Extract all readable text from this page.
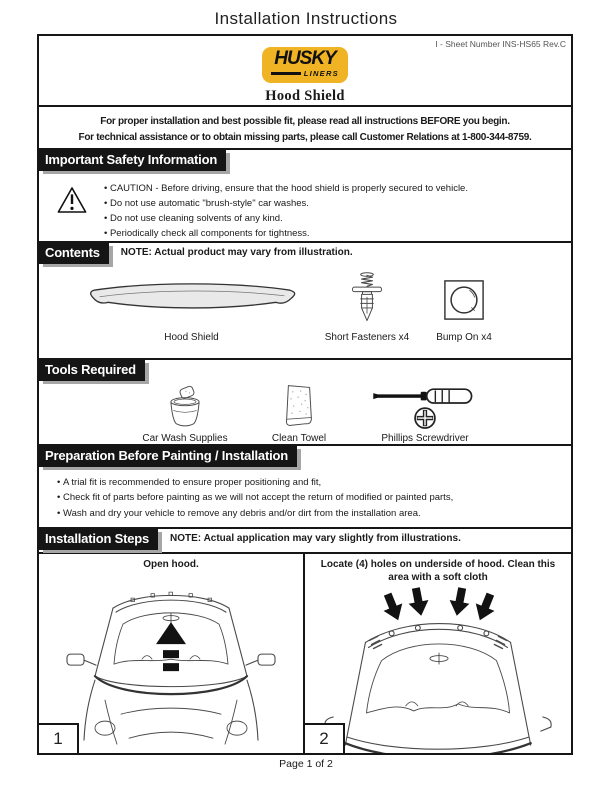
Installation Instructions
I - Sheet Number INS-HS65 Rev.C
HUSKY
LINERS
Hood Shield
For proper installation and best possible fit, please read all instructions BEFORE you begin.
For technical assistance or to obtain missing parts, please call Customer Relations at 1-800-344-8759.
Important Safety Information
• CAUTION - Before driving, ensure that the hood shield is properly secured to vehicle.
• Do not use automatic "brush-style" car washes.
• Do not use cleaning solvents of any kind.
• Periodically check all components for tightness.
Contents	NOTE: Actual product may vary from illustration.
Hood Shield	Short Fasteners x4	Bump On x4
Tools Required
Car Wash Supplies	Clean Towel	Phillips Screwdriver
Preparation Before Painting / Installation
• A trial fit is recommended to ensure proper positioning and fit,
• Check fit of parts before painting as we will not accept the return of modified or painted parts,
• Wash and dry your vehicle to remove any debris and/or dirt from the installation area.
Installation Steps	NOTE: Actual application may vary slightly from illustrations.
Open hood.
1
Locate (4) holes on underside of hood. Clean this area with a soft cloth
2
Page 1 of 2
